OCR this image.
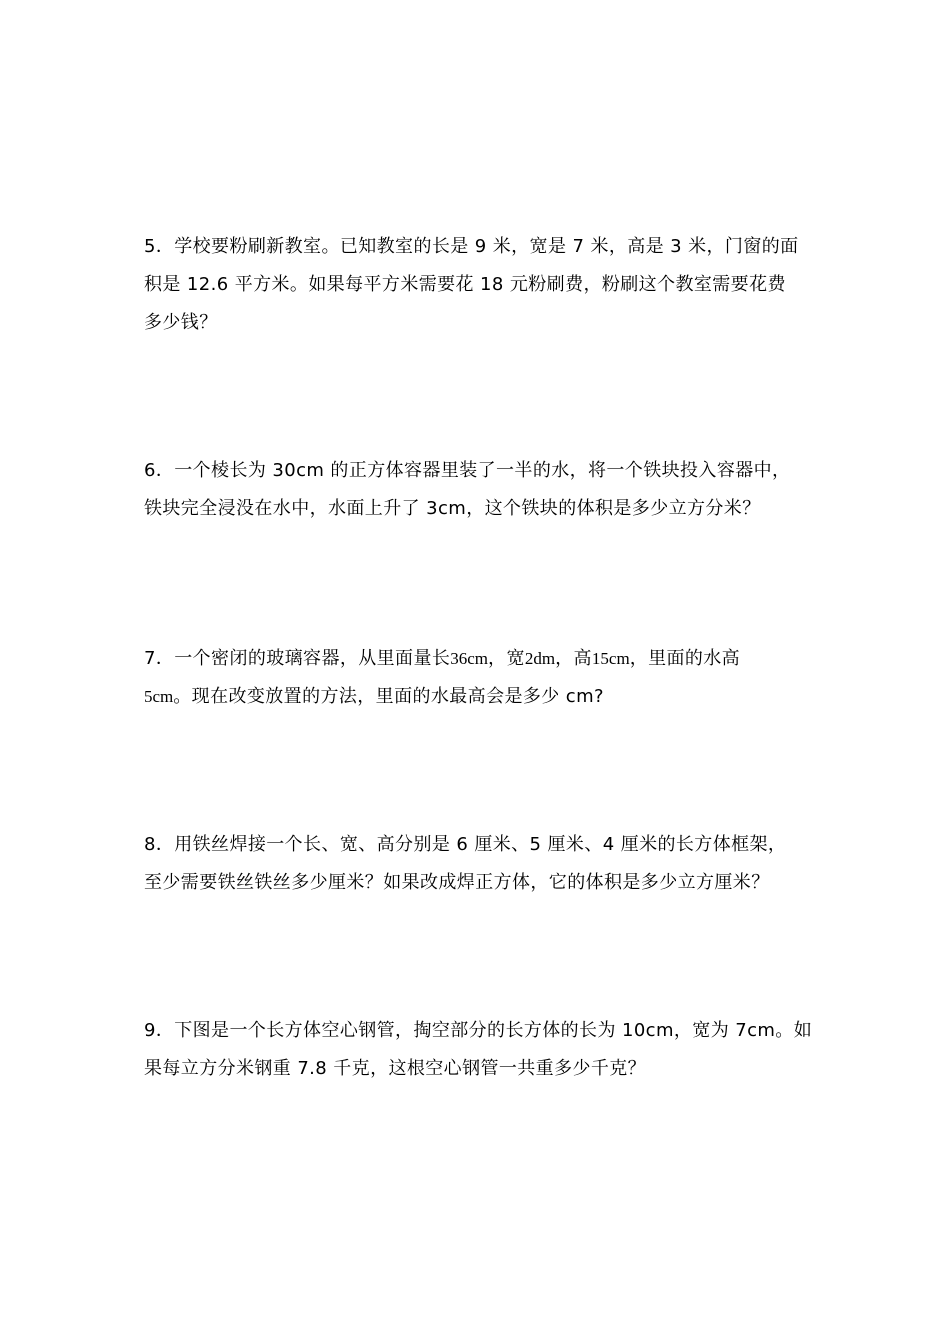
5．学校要粉刷新教室。已知教室的长是 9 米，宽是 7 米，高是 3 米，门窗的面

积是 12.6 平方米。如果每平方米需要花 18 元粉刷费，粉刷这个教室需要花费

多少钱？

6．一个棱长为 30cm 的正方体容器里装了一半的水，将一个铁块投入容器中，

铁块完全浸没在水中，水面上升了 3cm，这个铁块的体积是多少立方分米？

7．一个密闭的玻璃容器，从里面量长36cm，宽2dm，高15cm，里面的水高

5cm。现在改变放置的方法，里面的水最高会是多少 cm?

8．用铁丝焊接一个长、宽、高分别是 6 厘米、5 厘米、4 厘米的长方体框架，

至少需要铁丝铁丝多少厘米？如果改成焊正方体，它的体积是多少立方厘米？

9．下图是一个长方体空心钢管，掏空部分的长方体的长为 10cm，宽为 7cm。如

果每立方分米钢重 7.8 千克，这根空心钢管一共重多少千克？
